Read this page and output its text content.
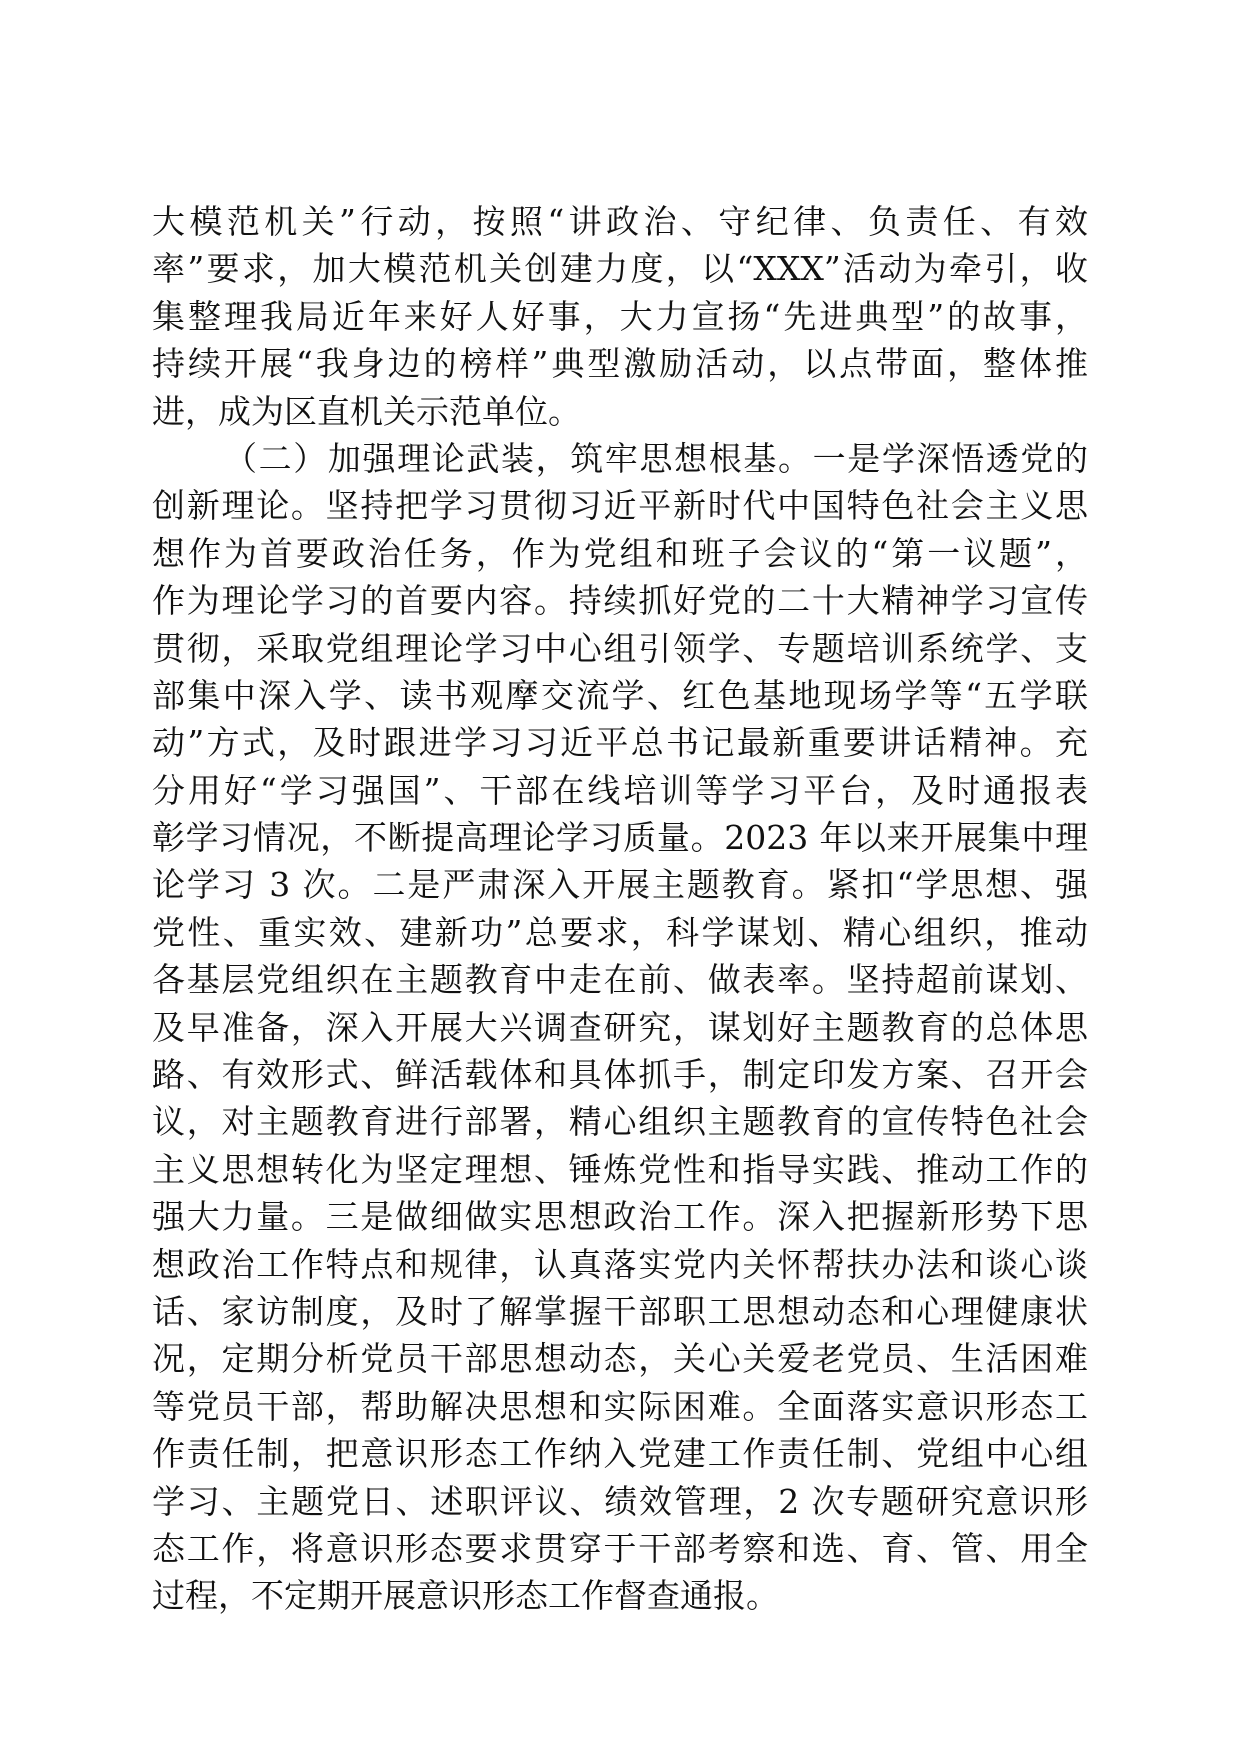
大模范机关”行动，按照“讲政治、守纪律、负责任、有效
率”要求，加大模范机关创建力度，以“XXX”活动为牵引，收
集整理我局近年来好人好事，大力宣扬“先进典型”的故事，
持续开展“我身边的榜样”典型激励活动，以点带面，整体推
进，成为区直机关示范单位。
（二）加强理论武装，筑牢思想根基。一是学深悟透党的
创新理论。坚持把学习贯彻习近平新时代中国特色社会主义思
想作为首要政治任务，作为党组和班子会议的“第一议题”，
作为理论学习的首要内容。持续抓好党的二十大精神学习宣传
贯彻，采取党组理论学习中心组引领学、专题培训系统学、支
部集中深入学、读书观摩交流学、红色基地现场学等“五学联
动”方式，及时跟进学习习近平总书记最新重要讲话精神。充
分用好“学习强国”、干部在线培训等学习平台，及时通报表
彰学习情况，不断提高理论学习质量。2023 年以来开展集中理
论学习 3 次。二是严肃深入开展主题教育。紧扣“学思想、强
党性、重实效、建新功”总要求，科学谋划、精心组织，推动
各基层党组织在主题教育中走在前、做表率。坚持超前谋划、
及早准备，深入开展大兴调查研究，谋划好主题教育的总体思
路、有效形式、鲜活载体和具体抓手，制定印发方案、召开会
议，对主题教育进行部署，精心组织主题教育的宣传特色社会
主义思想转化为坚定理想、锤炼党性和指导实践、推动工作的
强大力量。三是做细做实思想政治工作。深入把握新形势下思
想政治工作特点和规律，认真落实党内关怀帮扶办法和谈心谈
话、家访制度，及时了解掌握干部职工思想动态和心理健康状
况，定期分析党员干部思想动态，关心关爱老党员、生活困难
等党员干部，帮助解决思想和实际困难。全面落实意识形态工
作责任制，把意识形态工作纳入党建工作责任制、党组中心组
学习、主题党日、述职评议、绩效管理，2 次专题研究意识形
态工作，将意识形态要求贯穿于干部考察和选、育、管、用全
过程，不定期开展意识形态工作督查通报。
